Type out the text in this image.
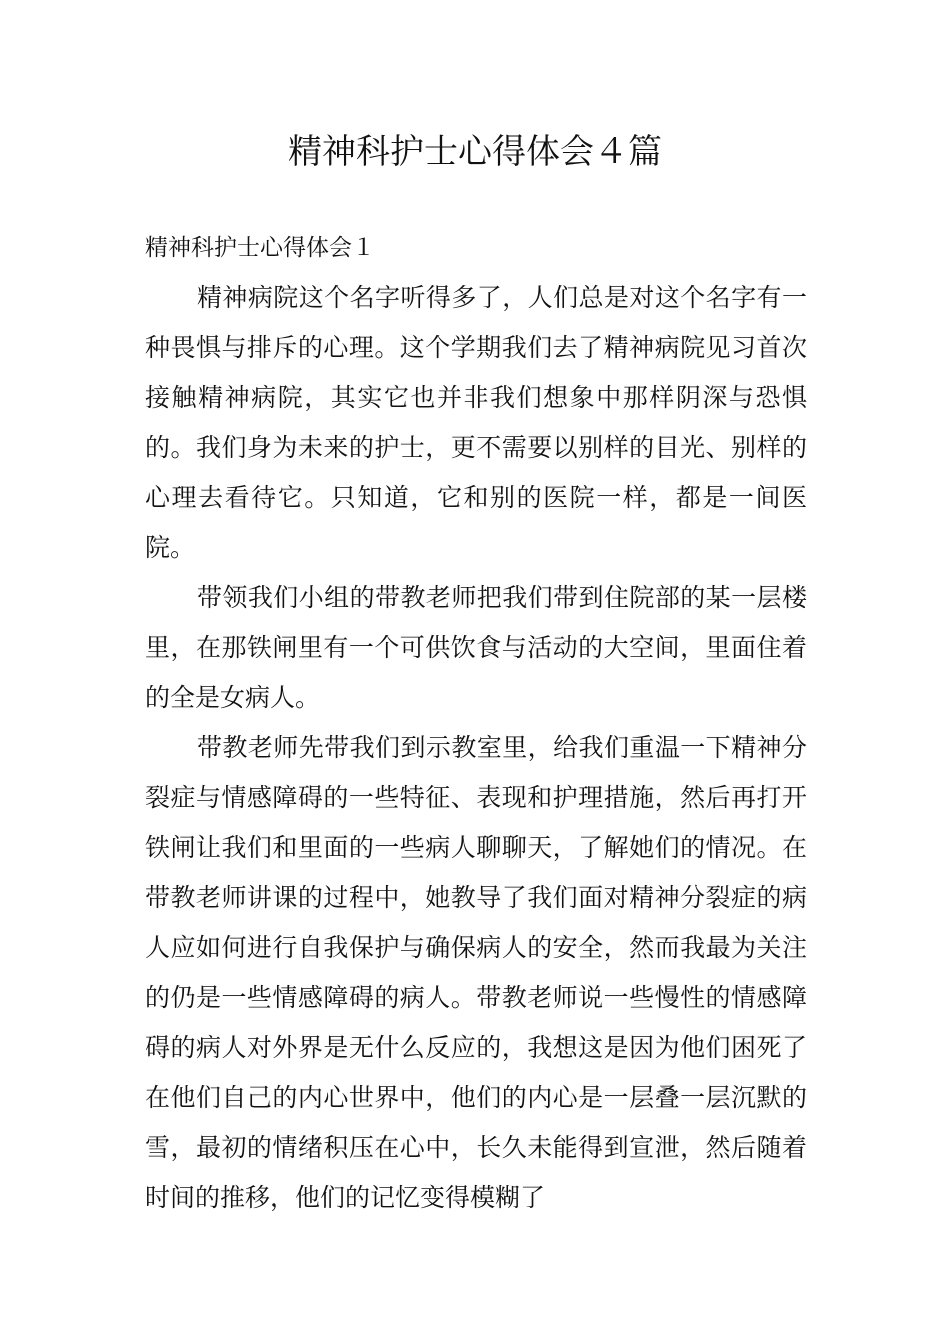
精神科护士心得体会４篇

精神科护士心得体会１

精神病院这个名字听得多了，人们总是对这个名字有一种畏惧与排斥的心理。这个学期我们去了精神病院见习首次接触精神病院，其实它也并非我们想象中那样阴深与恐惧的。我们身为未来的护士，更不需要以别样的目光、别样的心理去看待它。只知道，它和别的医院一样，都是一间医院。

带领我们小组的带教老师把我们带到住院部的某一层楼里，在那铁闸里有一个可供饮食与活动的大空间，里面住着的全是女病人。

带教老师先带我们到示教室里，给我们重温一下精神分裂症与情感障碍的一些特征、表现和护理措施，然后再打开铁闸让我们和里面的一些病人聊聊天，了解她们的情况。在带教老师讲课的过程中，她教导了我们面对精神分裂症的病人应如何进行自我保护与确保病人的安全，然而我最为关注的仍是一些情感障碍的病人。带教老师说一些慢性的情感障碍的病人对外界是无什么反应的，我想这是因为他们困死了在他们自己的内心世界中，他们的内心是一层叠一层沉默的雪，最初的情绪积压在心中，长久未能得到宣泄，然后随着时间的推移，他们的记忆变得模糊了
